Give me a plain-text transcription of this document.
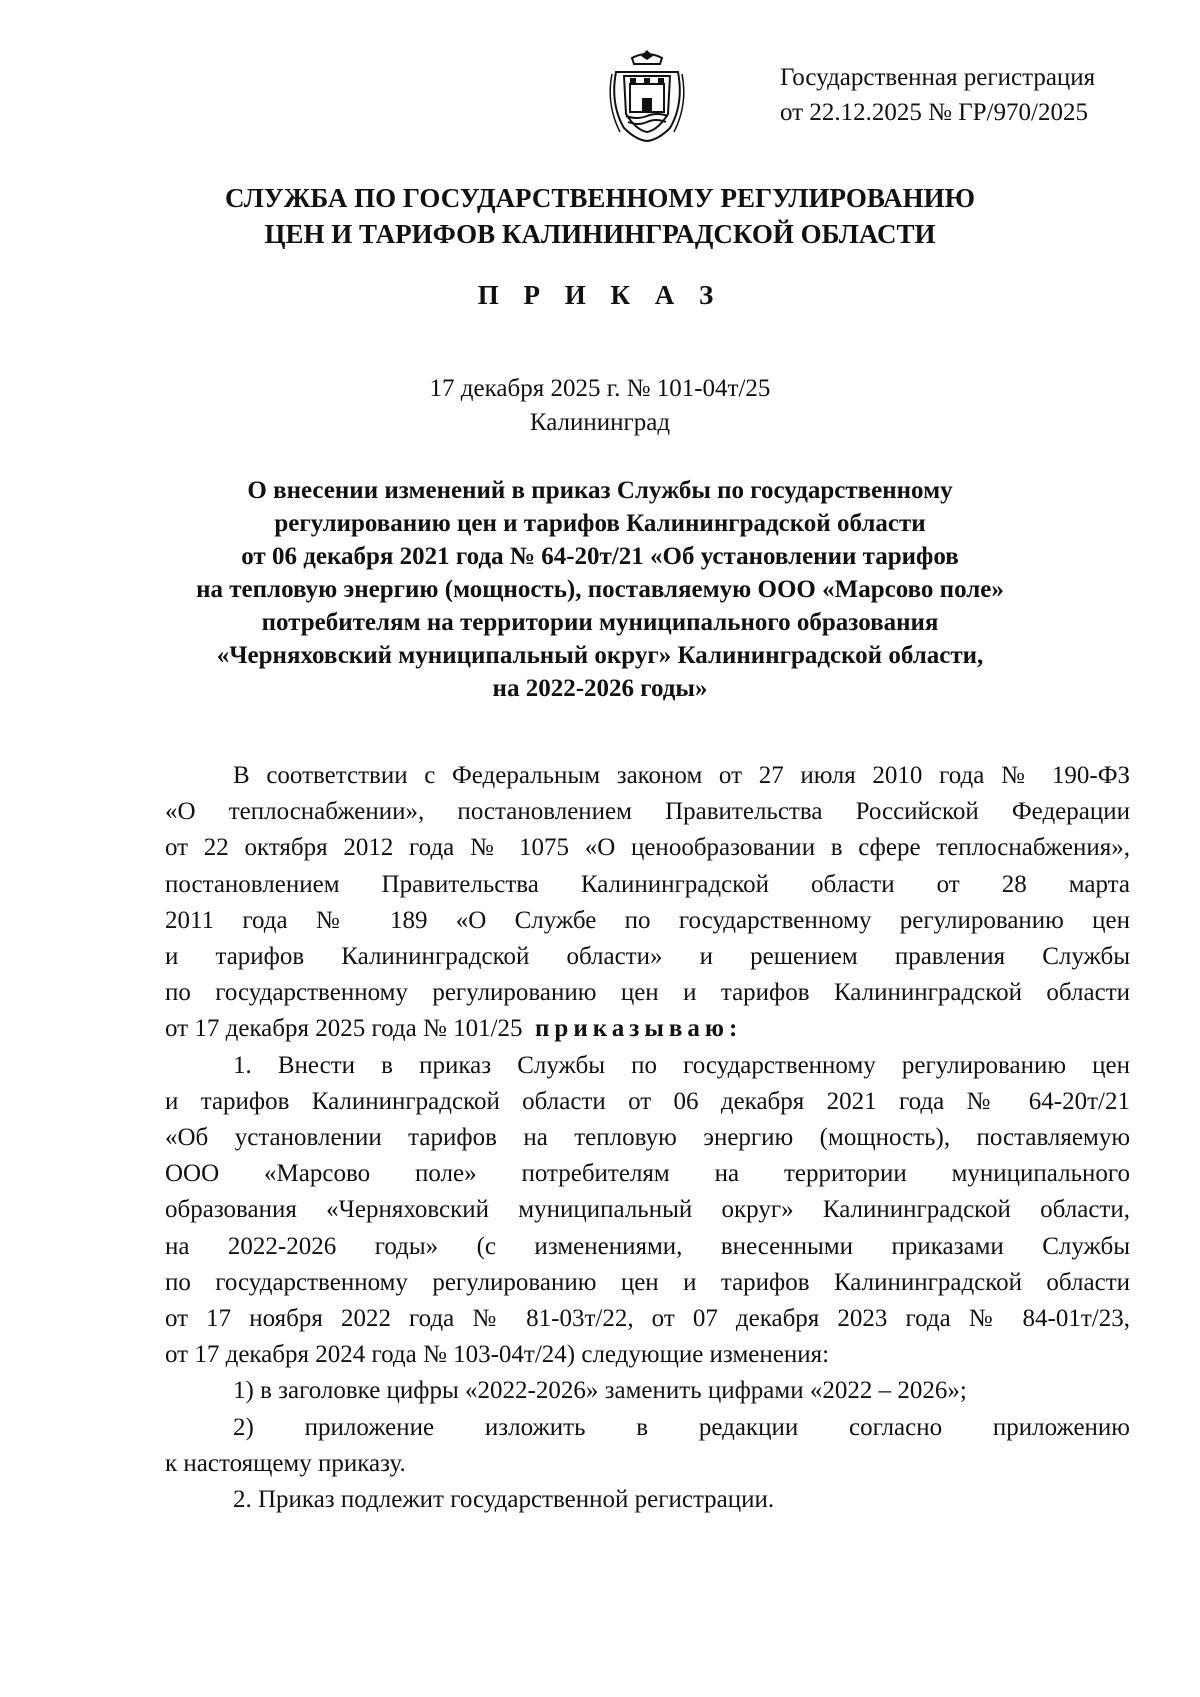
Государственная регистрация
от 22.12.2025 № ГР/970/2025
СЛУЖБА ПО ГОСУДАРСТВЕННОМУ РЕГУЛИРОВАНИЮ
ЦЕН И ТАРИФОВ КАЛИНИНГРАДСКОЙ ОБЛАСТИ
П Р И К А З
17 декабря 2025 г. № 101-04т/25
Калининград
О внесении изменений в приказ Службы по государственному
регулированию цен и тарифов Калининградской области
от 06 декабря 2021 года № 64-20т/21 «Об установлении тарифов
на тепловую энергию (мощность), поставляемую ООО «Марсово поле»
потребителям на территории муниципального образования
«Черняховский муниципальный округ» Калининградской области,
на 2022-2026 годы»
В соответствии с Федеральным законом от 27 июля 2010 года № 190-ФЗ
«О теплоснабжении», постановлением Правительства Российской Федерации
от 22 октября 2012 года № 1075 «О ценообразовании в сфере теплоснабжения»,
постановлением Правительства Калининградской области от 28 марта
2011 года № 189 «О Службе по государственному регулированию цен
и тарифов Калининградской области» и решением правления Службы
по государственному регулированию цен и тарифов Калининградской области
от 17 декабря 2025 года № 101/25 приказываю:
1. Внести в приказ Службы по государственному регулированию цен
и тарифов Калининградской области от 06 декабря 2021 года № 64-20т/21
«Об установлении тарифов на тепловую энергию (мощность), поставляемую
ООО «Марсово поле» потребителям на территории муниципального
образования «Черняховский муниципальный округ» Калининградской области,
на 2022-2026 годы» (с изменениями, внесенными приказами Службы
по государственному регулированию цен и тарифов Калининградской области
от 17 ноября 2022 года № 81-03т/22, от 07 декабря 2023 года № 84-01т/23,
от 17 декабря 2024 года № 103-04т/24) следующие изменения:
1) в заголовке цифры «2022-2026» заменить цифрами «2022 – 2026»;
2) приложение изложить в редакции согласно приложению
к настоящему приказу.
2. Приказ подлежит государственной регистрации.
